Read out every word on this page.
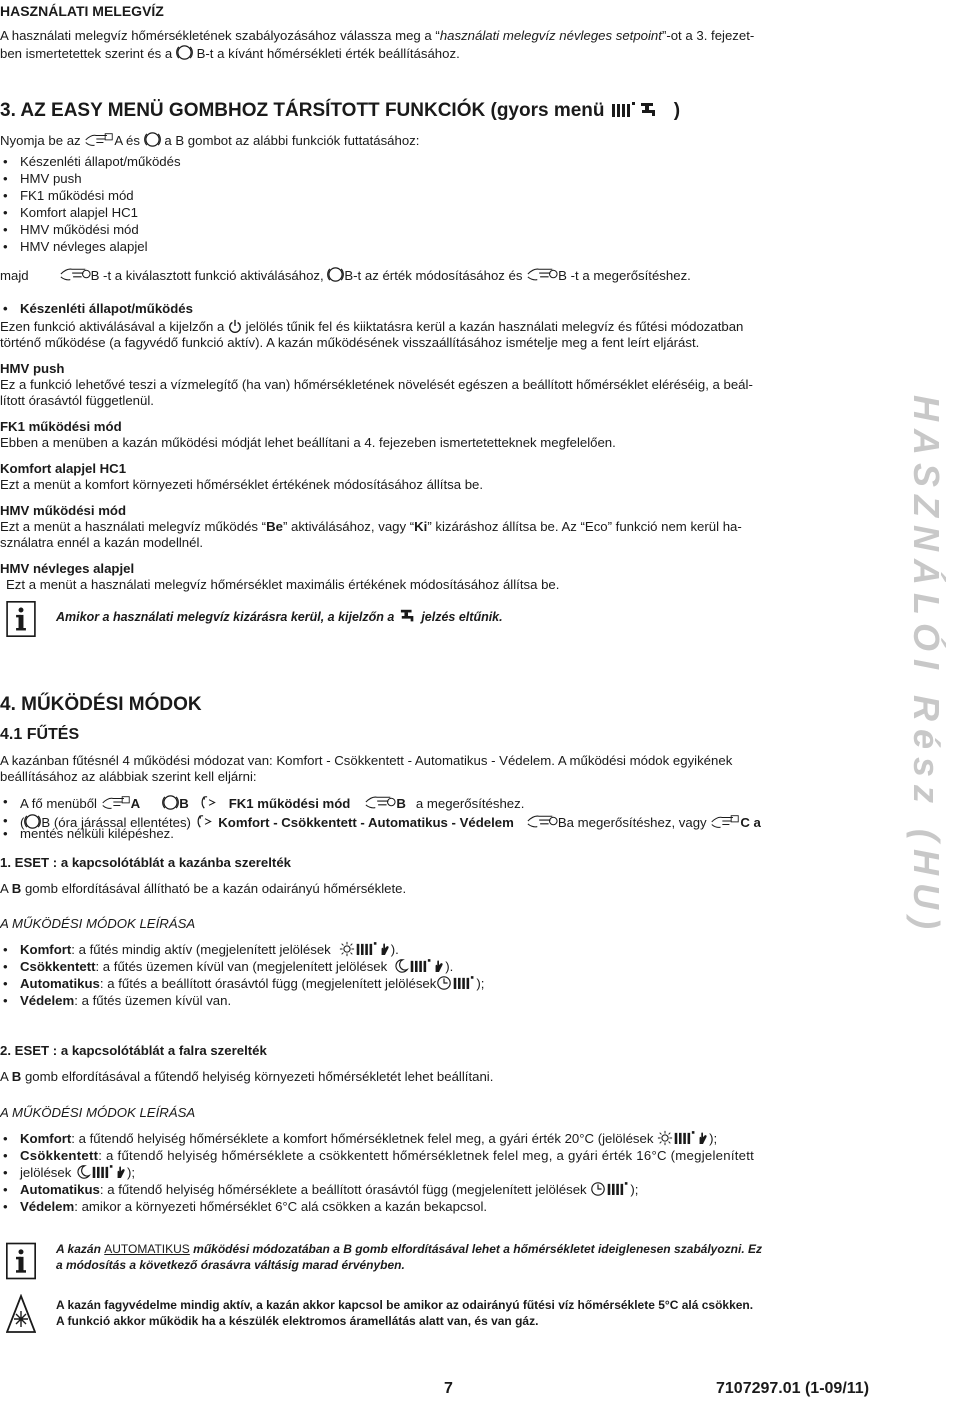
HASZNÁLATI MELEGVÍZ

A használati melegvíz hőmérsékletének szabályozásához válassza meg a “használati melegvíz névleges setpoint”-ot a 3. fejezet-

ben ismertetettek szerint és a B-t a kívánt hőmérsékleti érték beállításához.

3. AZ EASY MENÜ GOMBHOZ TÁRSÍTOTT FUNKCIÓK (gyors menü	)

Nyomja be az	A és a B gombot az alábbi funkciók futtatásához:

• Készenléti állapot/működés
• HMV push
• FK1 működési mód
• Komfort alapjel HC1
• HMV működési mód
• HMV névleges alapjel

majd	B -t a kiválasztott funkció aktiválásához, B-t az érték módosításához és	B -t a megerősítéshez.

• Készenléti állapot/működés

Ezen funkció aktiválásával a kijelzőn a jelölés tűnik fel és kiiktatásra kerül a kazán használati melegvíz és fűtési módozatban

történő működése (a fagyvédő funkció aktív). A kazán működésének visszaállításához ismételje meg a fent leírt eljárást.

HMV push

Ez a funkció lehetővé teszi a vízmelegítő (ha van) hőmérsékletének növelését egészen a beállított hőmérséklet eléréséig, a beál-

lított órasávtól függetlenül.

FK1 működési mód

Ebben a menüben a kazán működési módját lehet beállítani a 4. fejezeben ismertetetteknek megfelelően.

Komfort alapjel HC1

Ezt a menüt a komfort környezeti hőmérséklet értékének módosításához állítsa be.

HMV működési mód

Ezt a menüt a használati melegvíz működés “Be” aktiválásához, vagy “Ki” kizáráshoz állítsa be. Az “Eco” funkció nem kerül ha-

sználatra ennél a kazán modellnél.

HMV névleges alapjel

Ezt a menüt a használati melegvíz hőmérséklet maximális értékének módosításához állítsa be.

Amikor a használati melegvíz kizárásra kerül, a kijelzőn a jelzés eltűnik.

4. MŰKÖDÉSI MÓDOK

4.1 FŰTÉS

A kazánban fűtésnél 4 működési módozat van: Komfort - Csökkentett - Automatikus - Védelem. A működési módok egyikének

beállításához az alábbiak szerint kell eljárni:

• A fő menüből	A	B	FK1 működési mód	B a megerősítéshez.
• ( B (óra járással ellentétes) Komfort - Csökkentett - Automatikus - Védelem	Ba megerősítéshez, vagy	C a
• mentés nélküli kilépéshez.

1. ESET : a kapcsolótáblát a kazánba szerelték

A B gomb elfordításával állítható be a kazán odairányú hőmérséklete.

A MŰKÖDÉSI MÓDOK LEÍRÁSA

• Komfort: a fűtés mindig aktív (megjelenített jelölések	).
• Csökkentett: a fűtés üzemen kívül van (megjelenített jelölések	).
• Automatikus: a fűtés a beállított órasávtól függ (megjelenített jelölések	);
• Védelem: a fűtés üzemen kívül van.

2. ESET : a kapcsolótáblát a falra szerelték

A B gomb elfordításával a fűtendő helyiség környezeti hőmérsékletét lehet beállítani.

A MŰKÖDÉSI MÓDOK LEÍRÁSA

• Komfort: a fűtendő helyiség hőmérséklete a komfort hőmérsékletnek felel meg, a gyári érték 20°C (jelölések	);
• Csökkentett: a fűtendő helyiség hőmérséklete a csökkentett hőmérsékletnek felel meg, a gyári érték 16°C (megjelenített
• jelölések	);
• Automatikus: a fűtendő helyiség hőmérséklete a beállított órasávtól függ (megjelenített jelölések	);
• Védelem: amikor a környezeti hőmérséklet 6°C alá csökken a kazán bekapcsol.

A kazán AUTOMATIKUS működési módozatában a B gomb elfordításával lehet a hőmérsékletet ideiglenesen szabályozni. Ez
a módosítás a következő órasávra váltásig marad érvényben.

A kazán fagyvédelme mindig aktív, a kazán akkor kapcsol be amikor az odairányú fűtési víz hőmérséklete 5°C alá csökken.
A funkció akkor működik ha a készülék elektromos áramellátás alatt van, és van gáz.

HASZNÁLÓI Rész (HU)

7	7107297.01 (1-09/11)
